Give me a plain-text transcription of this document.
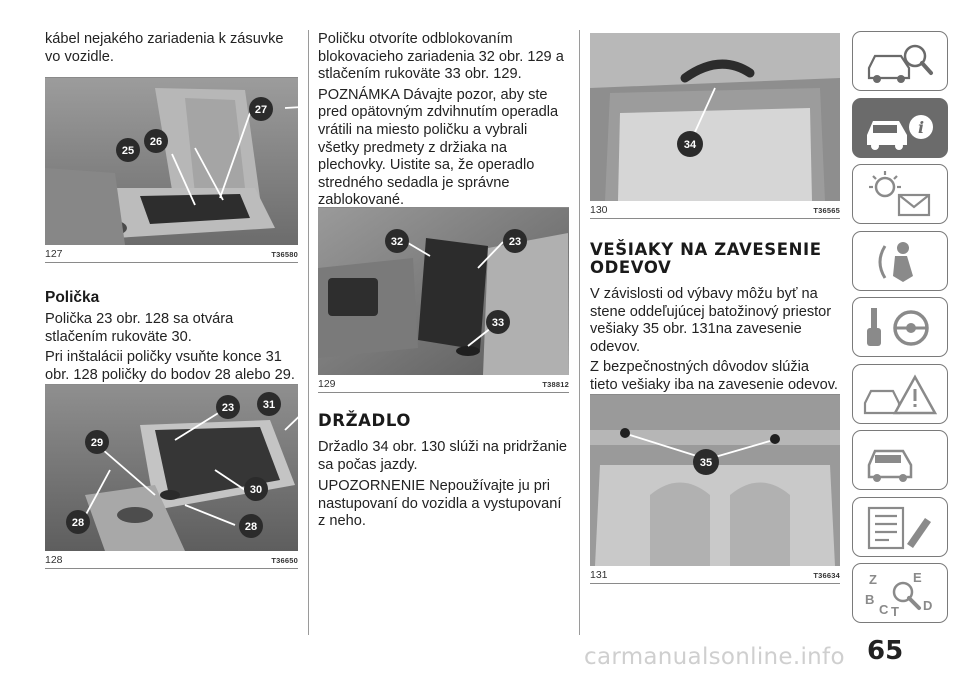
kábel nejakého zariadenia k zásuvke vo vozidle.

27
26
25
127	T36580
Polička

Polička 23 obr. 128 sa otvára stlačením rukoväte 30.

Pri inštalácii poličky vsuňte konce 31 obr. 128 poličky do bodov 28 alebo 29.

23	31
29
30
28	28
128	T36650

Poličku otvoríte odblokovaním blokovacieho zariadenia 32 obr. 129 a stlačením rukoväte 33 obr. 129.

POZNÁMKA Dávajte pozor, aby ste pred opätovným zdvihnutím operadla vrátili na miesto poličku a vybrali všetky predmety z držiaka na plechovky. Uistite sa, že operadlo stredného sedadla je správne zablokované.

32	23
33
129	T38812
DRŽADLO

Držadlo 34 obr. 130 slúži na pridržanie sa počas jazdy.

UPOZORNENIE Nepoužívajte ju pri nastupovaní do vozidla a vystupovaní z neho.

34
130	T36565
VEŠIAKY NA ZAVESENIE ODEVOV

V závislosti od výbavy môžu byť na stene oddeľujúcej batožinový priestor vešiaky 35 obr. 131na zavesenie odevov.

Z bezpečnostných dôvodov slúžia tieto vešiaky iba na zavesenie odevov.

35
131	T36634
i
Z	E
B
C T D
65
carmanualsonline.info
